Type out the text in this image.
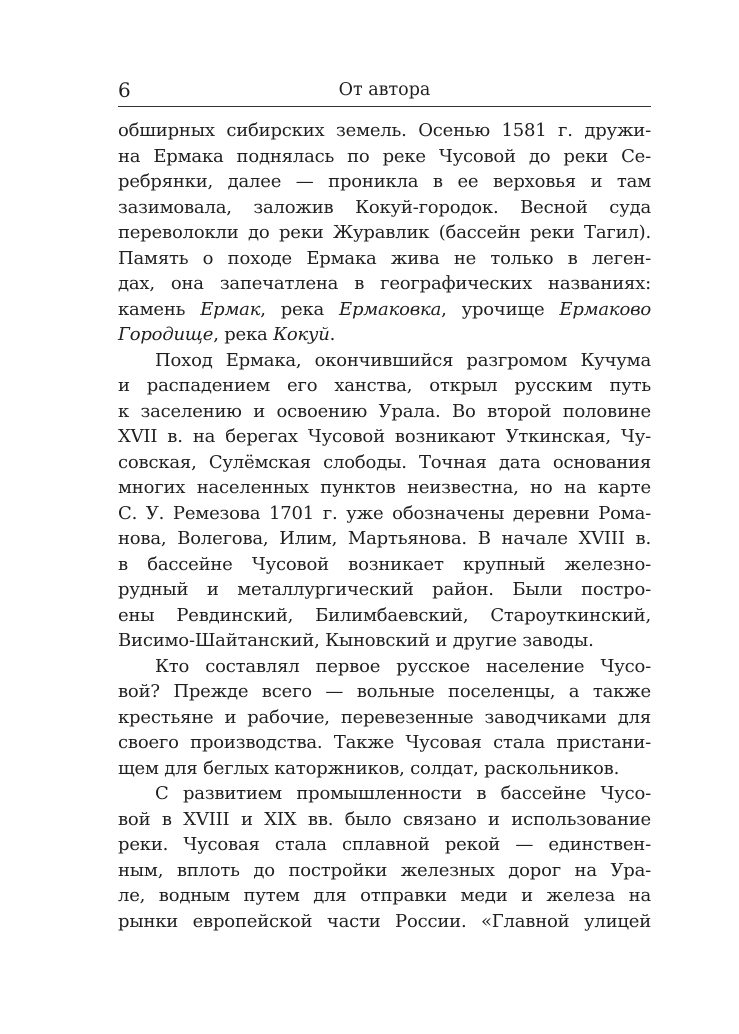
6	От автора
обширных сибирских земель. Осенью 1581 г. дружи-
на Ермака поднялась по реке Чусовой до реки Се-
ребрянки, далее — проникла в ее верховья и там
зазимовала, заложив Кокуй-городок. Весной суда
переволокли до реки Журавлик (бассейн реки Тагил).
Память о походе Ермака жива не только в леген-
дах, она запечатлена в географических названиях:
камень Ермак, река Ермаковка, урочище Ермаково
Городище, река Кокуй.
Поход Ермака, окончившийся разгромом Кучума
и распадением его ханства, открыл русским путь
к заселению и освоению Урала. Во второй половине
XVII в. на берегах Чусовой возникают Уткинская, Чу-
совская, Сулёмская слободы. Точная дата основания
многих населенных пунктов неизвестна, но на карте
С. У. Ремезова 1701 г. уже обозначены деревни Рома-
нова, Волегова, Илим, Мартьянова. В начале XVIII в.
в бассейне Чусовой возникает крупный железно-
рудный и металлургический район. Были постро-
ены Ревдинский, Билимбаевский, Староуткинский,
Висимо-Шайтанский, Кыновский и другие заводы.
Кто составлял первое русское население Чусо-
вой? Прежде всего — вольные поселенцы, а также
крестьяне и рабочие, перевезенные заводчиками для
своего производства. Также Чусовая стала пристани-
щем для беглых каторжников, солдат, раскольников.
С развитием промышленности в бассейне Чусо-
вой в XVIII и XIX вв. было связано и использование
реки. Чусовая стала сплавной рекой — единствен-
ным, вплоть до постройки железных дорог на Ура-
ле, водным путем для отправки меди и железа на
рынки европейской части России. «Главной улицей
